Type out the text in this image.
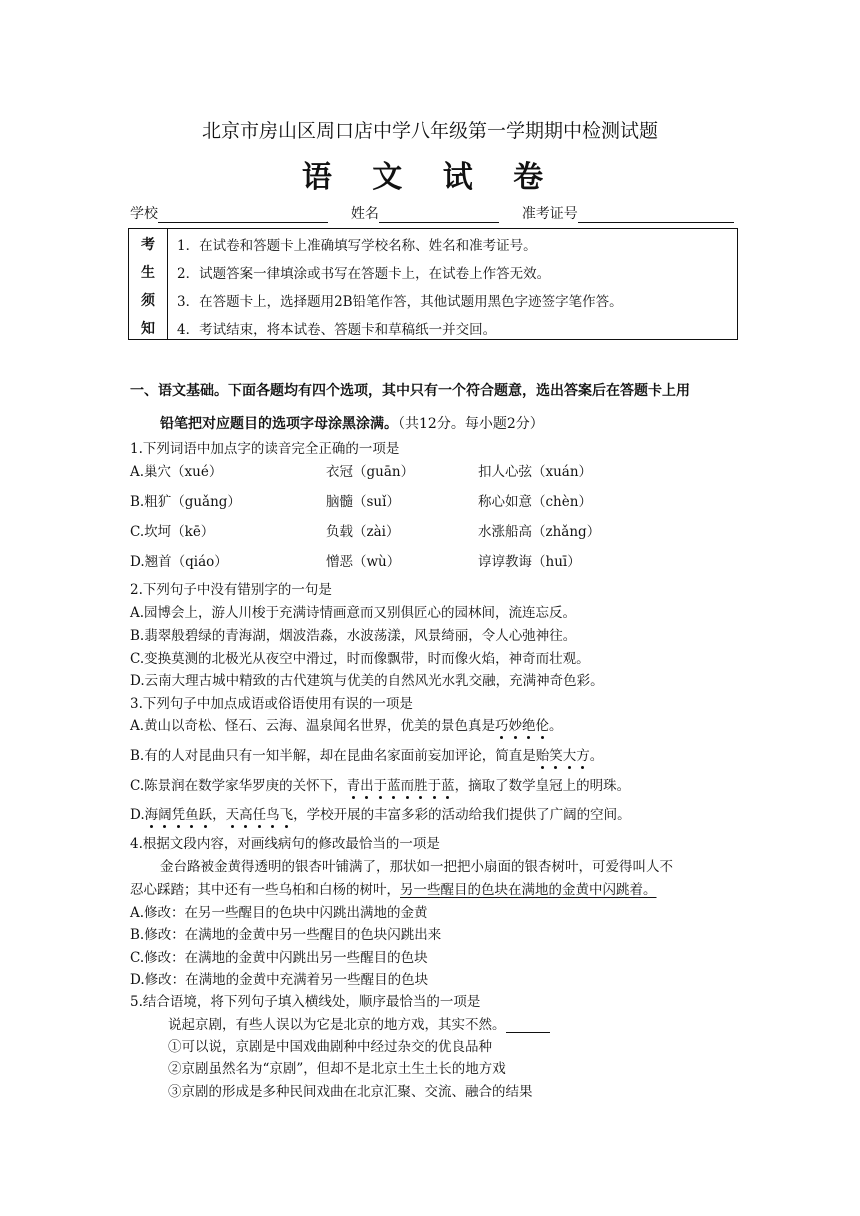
北京市房山区周口店中学八年级第一学期期中检测试题
语 文 试 卷
学校	姓名	准考证号
考
生
须
知
1．在试卷和答题卡上准确填写学校名称、姓名和准考证号。
2．试题答案一律填涂或书写在答题卡上，在试卷上作答无效。
3．在答题卡上，选择题用2B铅笔作答，其他试题用黑色字迹签字笔作答。
4．考试结束，将本试卷、答题卡和草稿纸一并交回。
一、语文基础。下面各题均有四个选项，其中只有一个符合题意，选出答案后在答题卡上用
铅笔把对应题目的选项字母涂黑涂满。（共12分。每小题2分）
1.下列词语中加点字的读音完全正确的一项是
A.巢穴（xué）	衣冠（guān）	扣人心弦（xuán）
B.粗犷（guǎng）	脑髓（suǐ）	称心如意（chèn）
C.坎坷（kē）	负载（zài）	水涨船高（zhǎng）
D.翘首（qiáo）	憎恶（wù）	谆谆教诲（huī）
2.下列句子中没有错别字的一句是
A.园博会上，游人川梭于充满诗情画意而又别俱匠心的园林间，流连忘反。
B.翡翠般碧绿的青海湖，烟波浩淼，水波荡漾，风景绮丽，令人心弛神往。
C.变换莫测的北极光从夜空中滑过，时而像飘带，时而像火焰，神奇而壮观。
D.云南大理古城中精致的古代建筑与优美的自然风光水乳交融，充满神奇色彩。
3.下列句子中加点成语或俗语使用有误的一项是
A.黄山以奇松、怪石、云海、温泉闻名世界，优美的景色真是巧妙绝伦。
B.有的人对昆曲只有一知半解，却在昆曲名家面前妄加评论，简直是贻笑大方。
C.陈景润在数学家华罗庚的关怀下，青出于蓝而胜于蓝，摘取了数学皇冠上的明珠。
D.海阔凭鱼跃，天高任鸟飞，学校开展的丰富多彩的活动给我们提供了广阔的空间。
4.根据文段内容，对画线病句的修改最恰当的一项是
金台路被金黄得透明的银杏叶铺满了，那状如一把把小扇面的银杏树叶，可爱得叫人不
忍心踩踏；其中还有一些乌桕和白杨的树叶，另一些醒目的色块在满地的金黄中闪跳着。
A.修改：在另一些醒目的色块中闪跳出满地的金黄
B.修改：在满地的金黄中另一些醒目的色块闪跳出来
C.修改：在满地的金黄中闪跳出另一些醒目的色块
D.修改：在满地的金黄中充满着另一些醒目的色块
5.结合语境，将下列句子填入横线处，顺序最恰当的一项是
说起京剧，有些人误以为它是北京的地方戏，其实不然。
①可以说，京剧是中国戏曲剧种中经过杂交的优良品种
②京剧虽然名为“京剧”，但却不是北京土生土长的地方戏
③京剧的形成是多种民间戏曲在北京汇聚、交流、融合的结果
